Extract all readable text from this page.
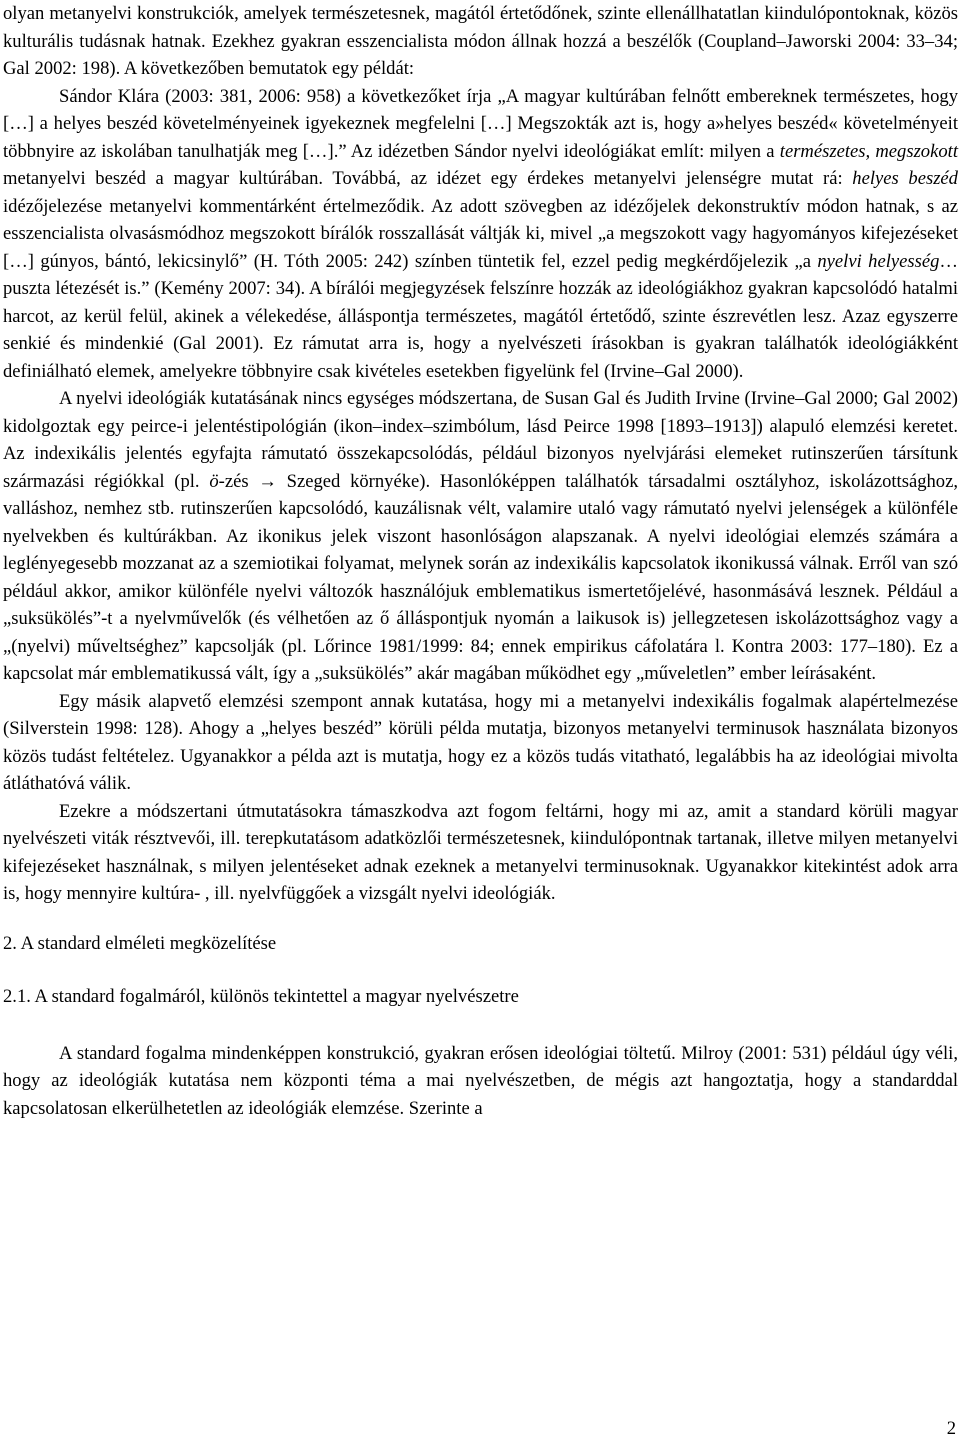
olyan metanyelvi konstrukciók, amelyek természetesnek, magától értetődőnek, szinte ellenállhatatlan kiindulópontoknak, közös kulturális tudásnak hatnak. Ezekhez gyakran esszencialista módon állnak hozzá a beszélők (Coupland–Jaworski 2004: 33–34; Gal 2002: 198). A következőben bemutatok egy példát:

Sándor Klára (2003: 381, 2006: 958) a következőket írja „A magyar kultúrában felnőtt embereknek természetes, hogy […] a helyes beszéd követelményeinek igyekeznek megfelelni […] Megszokták azt is, hogy a»helyes beszéd« követelményeit többnyire az iskolában tanulhatják meg […].” Az idézetben Sándor nyelvi ideológiákat említ: milyen a természetes, megszokott metanyelvi beszéd a magyar kultúrában. Továbbá, az idézet egy érdekes metanyelvi jelenségre mutat rá: helyes beszéd idézőjelezése metanyelvi kommentárként értelmeződik. Az adott szövegben az idézőjelek dekonstruktív módon hatnak, s az esszencialista olvasásmódhoz megszokott bírálók rosszallását váltják ki, mivel „a megszokott vagy hagyományos kifejezéseket […] gúnyos, bántó, lekicsinylő” (H. Tóth 2005: 242) színben tüntetik fel, ezzel pedig megkérdőjelezik „a nyelvi helyesség… puszta létezését is.” (Kemény 2007: 34). A bírálói megjegyzések felszínre hozzák az ideológiákhoz gyakran kapcsolódó hatalmi harcot, az kerül felül, akinek a vélekedése, álláspontja természetes, magától értetődő, szinte észrevétlen lesz. Azaz egyszerre senkié és mindenkié (Gal 2001). Ez rámutat arra is, hogy a nyelvészeti írásokban is gyakran találhatók ideológiákként definiálható elemek, amelyekre többnyire csak kivételes esetekben figyelünk fel (Irvine–Gal 2000).

A nyelvi ideológiák kutatásának nincs egységes módszertana, de Susan Gal és Judith Irvine (Irvine–Gal 2000; Gal 2002) kidolgoztak egy peirce-i jelentéstipológián (ikon–index–szimbólum, lásd Peirce 1998 [1893–1913]) alapuló elemzési keretet. Az indexikális jelentés egyfajta rámutató összekapcsolódás, például bizonyos nyelvjárási elemeket rutinszerűen társítunk származási régiókkal (pl. ö-zés → Szeged környéke). Hasonlóképpen találhatók társadalmi osztályhoz, iskolázottsághoz, valláshoz, nemhez stb. rutinszerűen kapcsolódó, kauzálisnak vélt, valamire utaló vagy rámutató nyelvi jelenségek a különféle nyelvekben és kultúrákban. Az ikonikus jelek viszont hasonlóságon alapszanak. A nyelvi ideológiai elemzés számára a leglényegesebb mozzanat az a szemiotikai folyamat, melynek során az indexikális kapcsolatok ikonikussá válnak. Erről van szó például akkor, amikor különféle nyelvi változók használójuk emblematikus ismertetőjelévé, hasonmásává lesznek. Például a „suksükölés”-t a nyelvművelők (és vélhetően az ő álláspontjuk nyomán a laikusok is) jellegzetesen iskolázottsághoz vagy a „(nyelvi) műveltséghez” kapcsolják (pl. Lőrince 1981/1999: 84; ennek empirikus cáfolatára l. Kontra 2003: 177–180). Ez a kapcsolat már emblematikussá vált, így a „suksükölés” akár magában működhet egy „műveletlen” ember leírásaként.

Egy másik alapvető elemzési szempont annak kutatása, hogy mi a metanyelvi indexikális fogalmak alapértelmezése (Silverstein 1998: 128). Ahogy a „helyes beszéd” körüli példa mutatja, bizonyos metanyelvi terminusok használata bizonyos közös tudást feltételez. Ugyanakkor a példa azt is mutatja, hogy ez a közös tudás vitatható, legalábbis ha az ideológiai mivolta átláthatóvá válik.

Ezekre a módszertani útmutatásokra támaszkodva azt fogom feltárni, hogy mi az, amit a standard körüli magyar nyelvészeti viták résztvevői, ill. terepkutatásom adatközlői természetesnek, kiindulópontnak tartanak, illetve milyen metanyelvi kifejezéseket használnak, s milyen jelentéseket adnak ezeknek a metanyelvi terminusoknak. Ugyanakkor kitekintést adok arra is, hogy mennyire kultúra- , ill. nyelvfüggőek a vizsgált nyelvi ideológiák.

2. A standard elméleti megközelítése

2.1. A standard fogalmáról, különös tekintettel a magyar nyelvészetre

A standard fogalma mindenképpen konstrukció, gyakran erősen ideológiai töltetű. Milroy (2001: 531) például úgy véli, hogy az ideológiák kutatása nem központi téma a mai nyelvészetben, de mégis azt hangoztatja, hogy a standarddal kapcsolatosan elkerülhetetlen az ideológiák elemzése. Szerinte a

2
